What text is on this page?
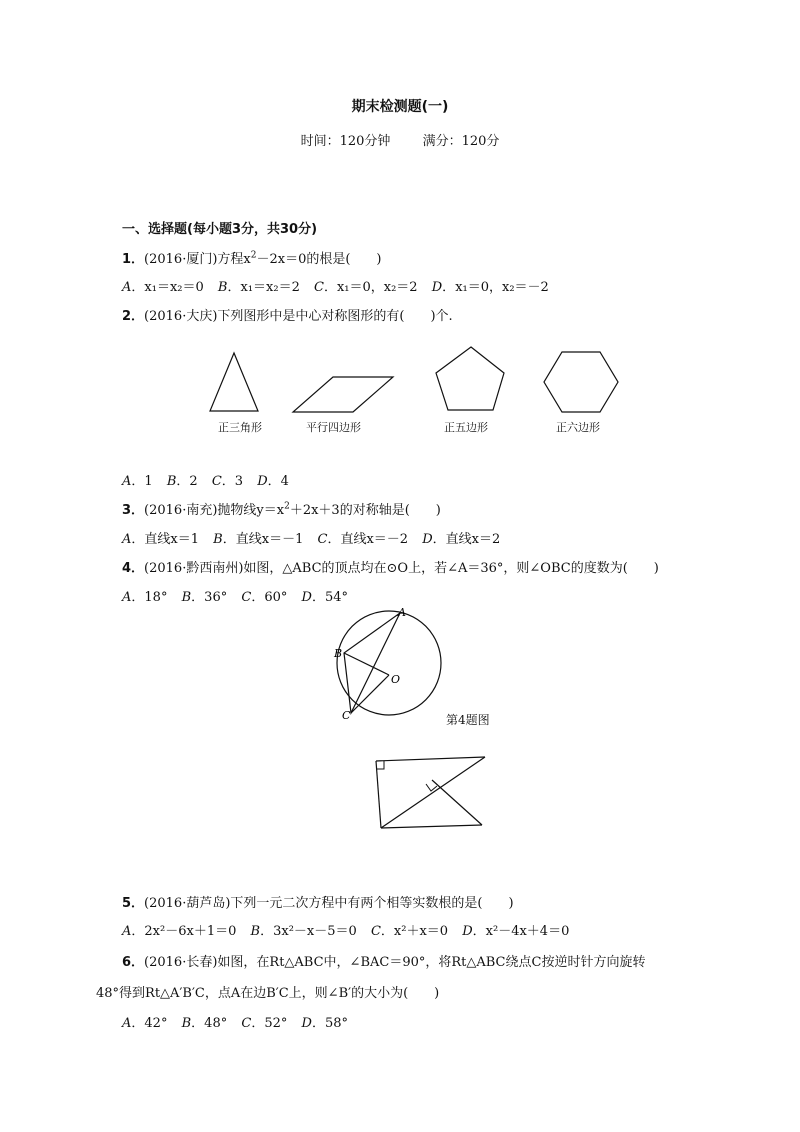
期末检测题(一)
时间：120分钟 满分：120分
一、选择题(每小题3分，共30分)
1．(2016·厦门)方程$x^2-2x=0$的根是(　　)
A．x₁＝x₂＝0 B．x₁＝x₂＝2 C．x₁＝0，x₂＝2 D．x₁＝0，x₂＝－2
2．(2016·大庆)下列图形中是中心对称图形的有(　　)个.
正三角形	平行四边形	正五边形	正六边形
A．1 B．2 C．3 D．4
3．(2016·南充)抛物线$y=x^2+2x+3$的对称轴是(　　)
A．直线x＝1 B．直线x＝－1 C．直线x＝－2 D．直线x＝2
4．(2016·黔西南州)如图，△ABC的顶点均在⊙O上，若∠A＝36°，则∠OBC的度数为(　　)
A．18° B．36° C．60° D．54°
A
B
C
O
第4题图
5．(2016·葫芦岛)下列一元二次方程中有两个相等实数根的是(　　)
A．2x²－6x＋1＝0 B．3x²－x－5＝0 C．x²＋x＝0 D．x²－4x＋4＝0
6．(2016·长春)如图，在Rt△ABC中，∠BAC＝90°，将Rt△ABC绕点C按逆时针方向旋转
48°得到Rt△A′B′C，点A在边B′C上，则∠B′的大小为(　　)
A．42° B．48° C．52° D．58°
